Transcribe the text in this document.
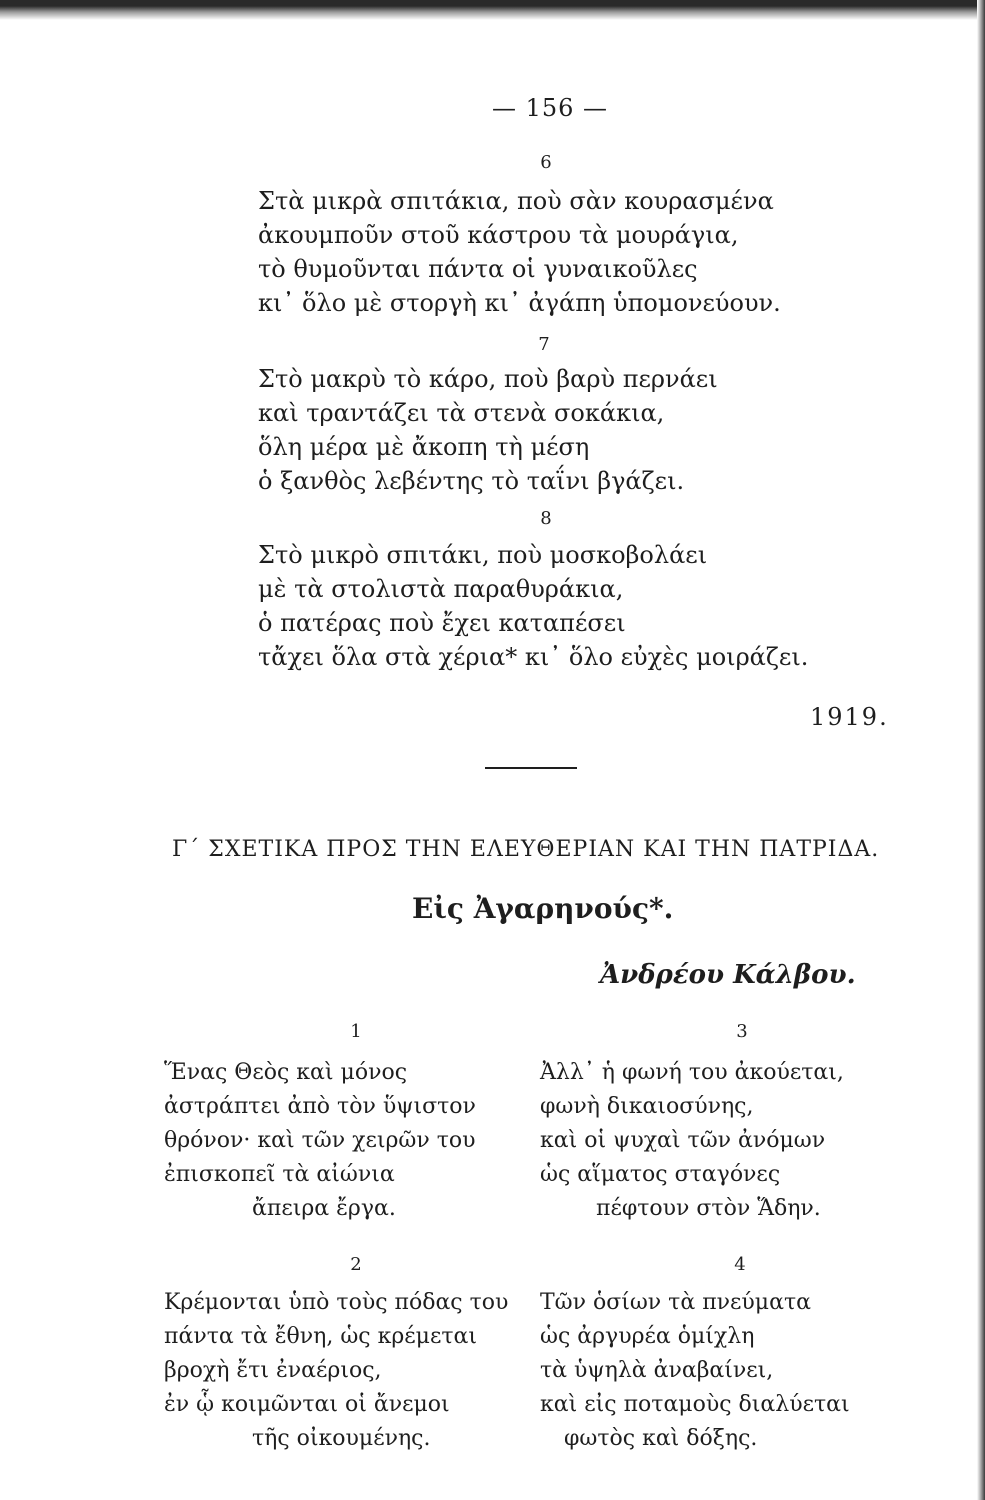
— 156 —
6
Στὰ μικρὰ σπιτάκια, ποὺ σὰν κουρασμένα
ἀκουμποῦν στοῦ κάστρου τὰ μουράγια,
τὸ θυμοῦνται πάντα οἱ γυναικοῦλες
κι᾽ ὅλο μὲ στοργὴ κι᾽ ἀγάπη ὑπομονεύουν.
7
Στὸ μακρὺ τὸ κάρο, ποὺ βαρὺ περνάει
καὶ τραντάζει τὰ στενὰ σοκάκια,
ὅλη μέρα μὲ ἄκοπη τὴ μέση
ὁ ξανθὸς λεβέντης τὸ ταΐνι βγάζει.
8
Στὸ μικρὸ σπιτάκι, ποὺ μοσκοβολάει
μὲ τὰ στολιστὰ παραθυράκια,
ὁ πατέρας ποὺ ἔχει καταπέσει
τἄχει ὅλα στὰ χέρια* κι᾽ ὅλο εὐχὲς μοιράζει.
1919.
Γ΄ ΣΧΕΤΙΚΑ ΠΡΟΣ ΤΗΝ ΕΛΕΥΘΕΡΙΑΝ ΚΑΙ ΤΗΝ ΠΑΤΡΙΔΑ.
Εἰς Ἀγαρηνούς*.
Ἀνδρέου Κάλβου.
1
Ἕνας Θεὸς καὶ μόνος
ἀστράπτει ἀπὸ τὸν ὕψιστον
θρόνον· καὶ τῶν χειρῶν του
ἐπισκοπεῖ τὰ αἰώνια
ἄπειρα ἔργα.
2
Κρέμονται ὑπὸ τοὺς πόδας του
πάντα τὰ ἔθνη, ὡς κρέμεται
βροχὴ ἔτι ἐναέριος,
ἐν ᾧ κοιμῶνται οἱ ἄνεμοι
τῆς οἰκουμένης.
3
Ἀλλ᾽ ἡ φωνή του ἀκούεται,
φωνὴ δικαιοσύνης,
καὶ οἱ ψυχαὶ τῶν ἀνόμων
ὡς αἵματος σταγόνες
πέφτουν στὸν Ἅδην.
4
Τῶν ὁσίων τὰ πνεύματα
ὡς ἀργυρέα ὁμίχλη
τὰ ὑψηλὰ ἀναβαίνει,
καὶ εἰς ποταμοὺς διαλύεται
φωτὸς καὶ δόξης.
